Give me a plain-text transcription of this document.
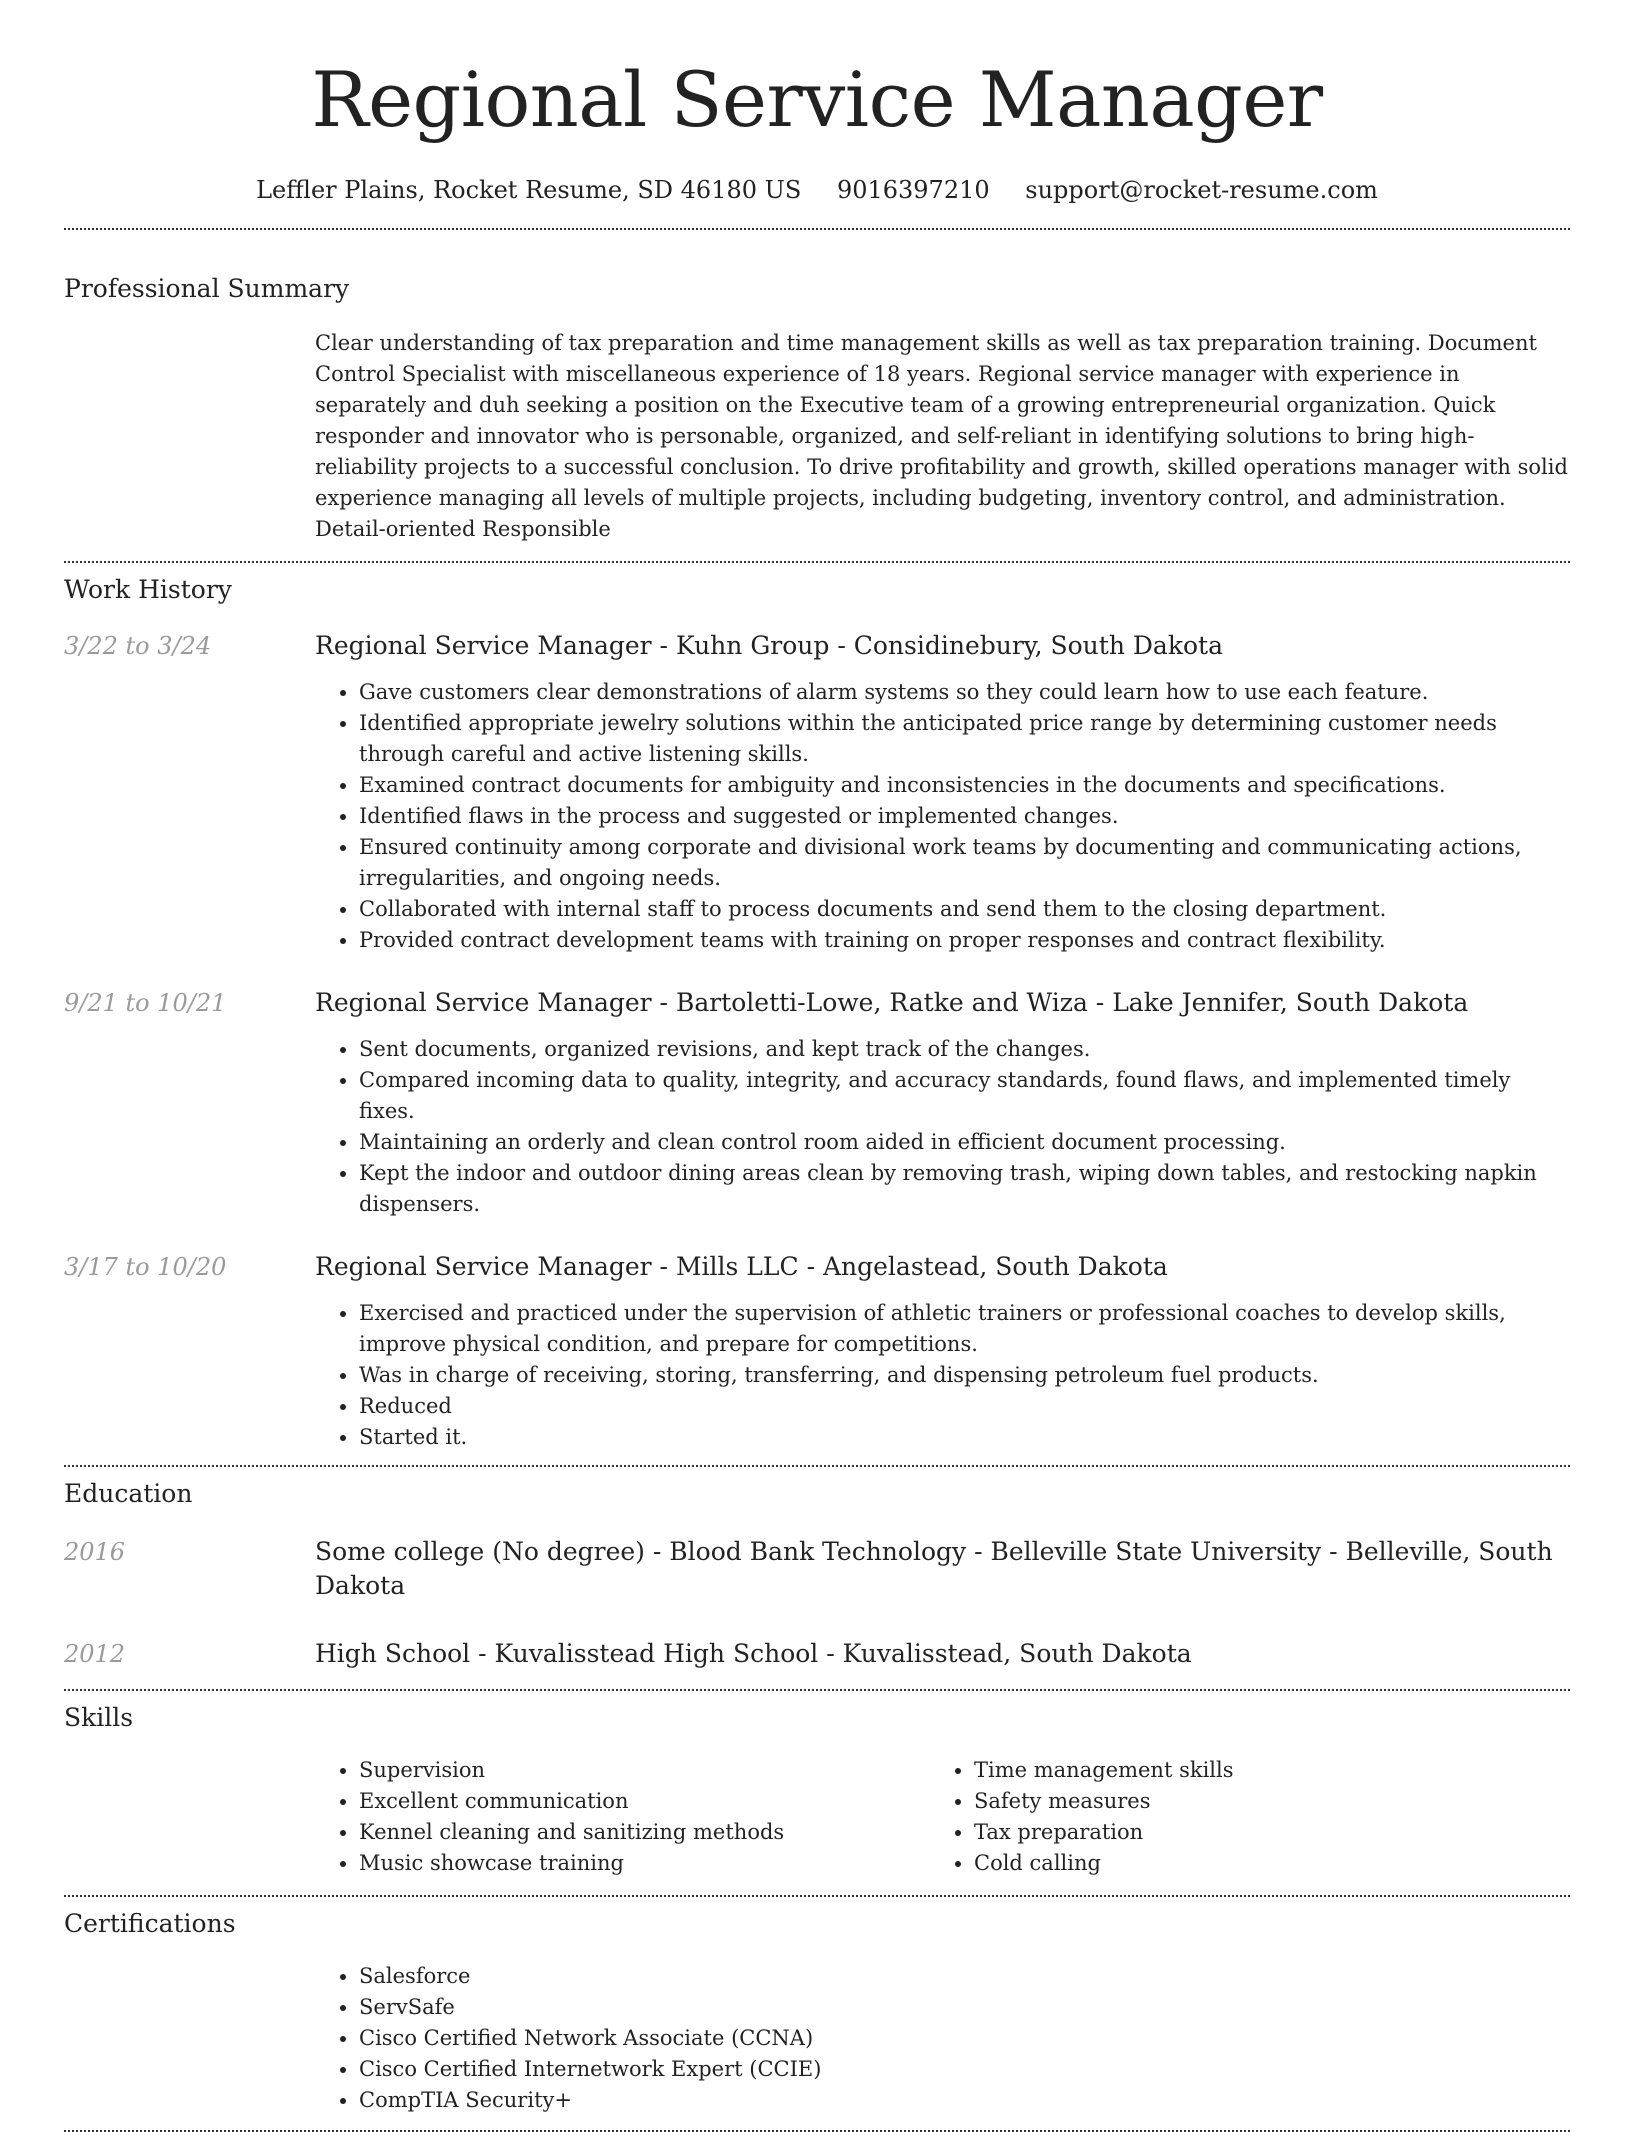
Regional Service Manager
Leffler Plains, Rocket Resume, SD 46180 US 9016397210 support@rocket-resume.com
Professional Summary
Clear understanding of tax preparation and time management skills as well as tax preparation training. Document Control Specialist with miscellaneous experience of 18 years. Regional service manager with experience in separately and duh seeking a position on the Executive team of a growing entrepreneurial organization. Quick responder and innovator who is personable, organized, and self-reliant in identifying solutions to bring high-reliability projects to a successful conclusion. To drive profitability and growth, skilled operations manager with solid experience managing all levels of multiple projects, including budgeting, inventory control, and administration. Detail-oriented Responsible
Work History
3/22 to 3/24	Regional Service Manager - Kuhn Group - Considinebury, South Dakota
• Gave customers clear demonstrations of alarm systems so they could learn how to use each feature.
• Identified appropriate jewelry solutions within the anticipated price range by determining customer needs through careful and active listening skills.
• Examined contract documents for ambiguity and inconsistencies in the documents and specifications.
• Identified flaws in the process and suggested or implemented changes.
• Ensured continuity among corporate and divisional work teams by documenting and communicating actions, irregularities, and ongoing needs.
• Collaborated with internal staff to process documents and send them to the closing department.
• Provided contract development teams with training on proper responses and contract flexibility.
9/21 to 10/21	Regional Service Manager - Bartoletti-Lowe, Ratke and Wiza - Lake Jennifer, South Dakota
• Sent documents, organized revisions, and kept track of the changes.
• Compared incoming data to quality, integrity, and accuracy standards, found flaws, and implemented timely fixes.
• Maintaining an orderly and clean control room aided in efficient document processing.
• Kept the indoor and outdoor dining areas clean by removing trash, wiping down tables, and restocking napkin dispensers.
3/17 to 10/20	Regional Service Manager - Mills LLC - Angelastead, South Dakota
• Exercised and practiced under the supervision of athletic trainers or professional coaches to develop skills, improve physical condition, and prepare for competitions.
• Was in charge of receiving, storing, transferring, and dispensing petroleum fuel products.
• Reduced
• Started it.
Education
2016	Some college (No degree) - Blood Bank Technology - Belleville State University - Belleville, South Dakota
2012	High School - Kuvalisstead High School - Kuvalisstead, South Dakota
Skills
• Supervision
• Excellent communication
• Kennel cleaning and sanitizing methods
• Music showcase training
• Time management skills
• Safety measures
• Tax preparation
• Cold calling
Certifications
• Salesforce
• ServSafe
• Cisco Certified Network Associate (CCNA)
• Cisco Certified Internetwork Expert (CCIE)
• CompTIA Security+
